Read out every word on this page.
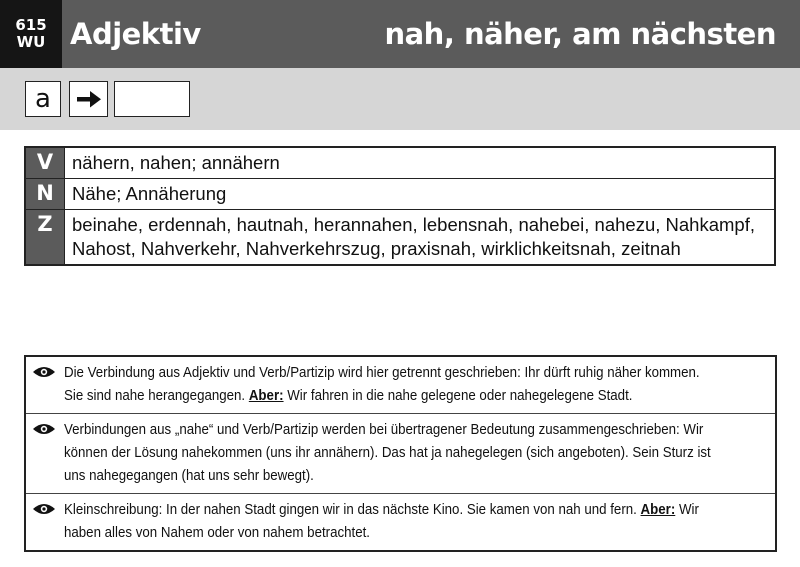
615
WU Adjektiv	nah, näher, am nächsten
a
V	nähern, nahen; annähern
N Nähe; Annäherung
Z	beinahe, erdennah, hautnah, herannahen, lebensnah, nahebei, nahezu, Nahkampf, Nahost, Nahverkehr, Nahverkehrszug, praxisnah, wirklichkeitsnah, zeitnah
Die Verbindung aus Adjektiv und Verb/Partizip wird hier getrennt geschrieben: Ihr dürft ruhig näher kommen. Sie sind nahe herangegangen. Aber: Wir fahren in die nahe gelegene oder nahegelegene Stadt.
Verbindungen aus „nahe“ und Verb/Partizip werden bei übertragener Bedeutung zusammengeschrieben: Wir können der Lösung nahekommen (uns ihr annähern). Das hat ja nahegelegen (sich angeboten). Sein Sturz ist uns nahegegangen (hat uns sehr bewegt).
Kleinschreibung: In der nahen Stadt gingen wir in das nächste Kino. Sie kamen von nah und fern. Aber: Wir haben alles von Nahem oder von nahem betrachtet.
